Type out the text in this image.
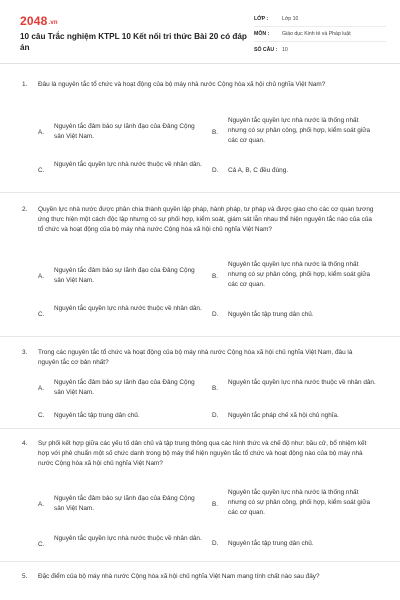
2048.vn
10 câu Trắc nghiệm KTPL 10 Kết nối tri thức Bài 20 có đáp án
LỚP :	Lớp 10
MÔN :	Giáo dục Kinh tế và Pháp luật
SỐ CÂU : 10
1. Đâu là nguyên tắc tổ chức và hoạt động của bộ máy nhà nước Cộng hòa xã hội chủ nghĩa Việt Nam?
A.
Nguyên tắc đảm bảo sự lãnh đạo của Đảng Cộng sản Việt Nam.
B.
Nguyên tắc quyền lực nhà nước là thống nhất nhưng có sự phân công, phối hợp, kiểm soát giữa các cơ quan.
C.
Nguyên tắc quyền lực nhà nước thuộc về nhân dân.
D. Cả A, B, C đều đúng.
2. Quyền lực nhà nước được phân chia thành quyền lập pháp, hành pháp, tư pháp và được giao cho các cơ quan tương ứng thực hiện một cách độc lập nhưng có sự phối hợp, kiểm soát, giám sát lẫn nhau thể hiện nguyên tắc nào của của tổ chức và hoạt động của bộ máy nhà nước Cộng hòa xã hội chủ nghĩa Việt Nam?
A.
Nguyên tắc đảm bảo sự lãnh đạo của Đảng Cộng sản Việt Nam.
B.
Nguyên tắc quyền lực nhà nước là thống nhất nhưng có sự phân công, phối hợp, kiểm soát giữa các cơ quan.
C.
Nguyên tắc quyền lực nhà nước thuộc về nhân dân.
D. Nguyên tắc tập trung dân chủ.
3. Trong các nguyên tắc tổ chức và hoạt động của bộ máy nhà nước Cộng hòa xã hội chủ nghĩa Việt Nam, đâu là nguyên tắc cơ bản nhất?
A.
Nguyên tắc đảm bảo sự lãnh đạo của Đảng Cộng sản Việt Nam.
B.
Nguyên tắc quyền lực nhà nước thuộc về nhân dân.
C. Nguyên tắc tập trung dân chủ.	D. Nguyên tắc pháp chế xã hội chủ nghĩa.
4. Sự phối kết hợp giữa các yếu tố dân chủ và tập trung thông qua các hình thức và chế độ như: bầu cử, bổ nhiệm kết hợp với phê chuẩn một số chức danh trong bộ máy thể hiện nguyên tắc tổ chức và hoạt động nào của bộ máy nhà nước Cộng hòa xã hội chủ nghĩa Việt Nam?
A.
Nguyên tắc đảm bảo sự lãnh đạo của Đảng Cộng sản Việt Nam.
B.
Nguyên tắc quyền lực nhà nước là thống nhất nhưng có sự phân công, phối hợp, kiểm soát giữa các cơ quan.
C.
Nguyên tắc quyền lực nhà nước thuộc về nhân dân.
D. Nguyên tắc tập trung dân chủ.
5. Đặc điểm của bộ máy nhà nước Cộng hòa xã hội chủ nghĩa Việt Nam mang tính chất nào sau đây?
